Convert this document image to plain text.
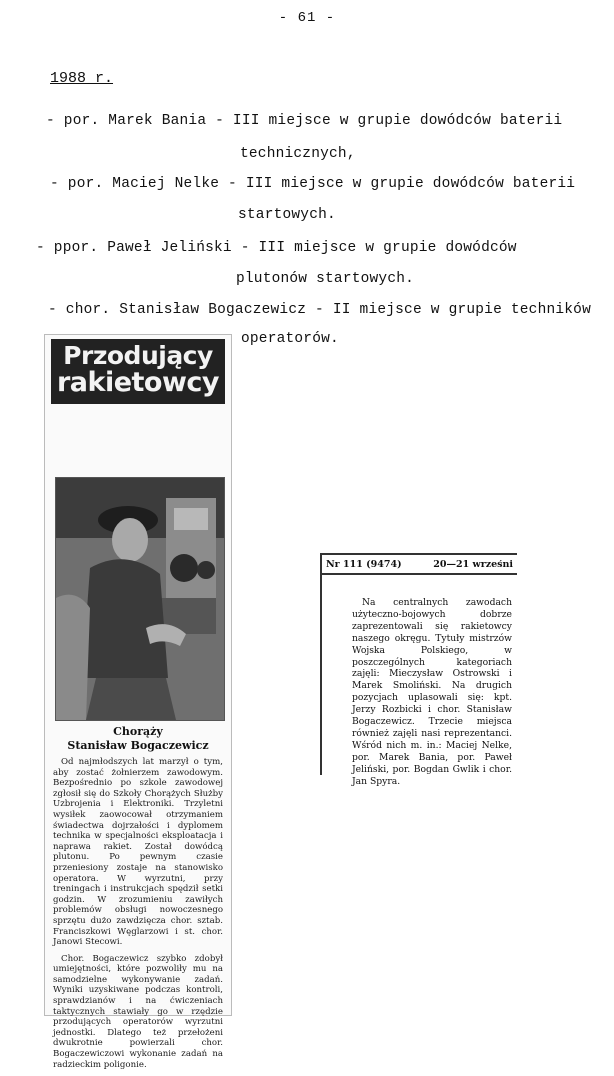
- 61 -
1988 r.
- por. Marek Bania - III miejsce w grupie dowódców baterii
technicznych,
- por. Maciej Nelke - III miejsce w grupie dowódców baterii
startowych.
- ppor. Paweł Jeliński - III miejsce w grupie dowódców
plutonów startowych.
- chor. Stanisław Bogaczewicz - II miejsce w grupie techników
operatorów.
Przodujący
rakietowcy
Chorąży
Stanisław Bogaczewicz

Od najmłodszych lat marzył o tym, aby zostać żołnierzem zawodowym. Bezpośrednio po szkole zawodowej zgłosił się do Szkoły Chorążych Służby Uzbrojenia i Elektroniki. Trzyletni wysiłek zaowocował otrzymaniem świadectwa dojrzałości i dyplomem technika w specjalności eksploatacja i naprawa rakiet. Został dowódcą plutonu. Po pewnym czasie przeniesiony zostaje na stanowisko operatora. W wyrzutni, przy treningach i instrukcjach spędził setki godzin. W zrozumieniu zawiłych problemów obsługi nowoczesnego sprzętu dużo zawdzięcza chor. sztab. Franciszkowi Węglarzowi i st. chor. Janowi Stecowi.

Chor. Bogaczewicz szybko zdobył umiejętności, które pozwoliły mu na samodzielne wykonywanie zadań. Wyniki uzyskiwane podczas kontroli, sprawdzianów i na ćwiczeniach taktycznych stawiały go w rzędzie przodujących operatorów wyrzutni jednostki. Dlatego też przełożeni dwukrotnie powierzali chor. Bogaczewiczowi wykonanie zadań na radzieckim poligonie.

Nr 111 (9474)	20—21 wrześni
Na centralnych zawodach użyteczno-bojowych dobrze zaprezentowali się rakietowcy naszego okręgu. Tytuły mistrzów Wojska Polskiego, w poszczególnych kategoriach zajęli: Mieczysław Ostrowski i Marek Smoliński. Na drugich pozycjach uplasowali się: kpt. Jerzy Rozbicki i chor. Stanisław Bogaczewicz. Trzecie miejsca również zajęli nasi reprezentanci. Wśród nich m. in.: Maciej Nelke, por. Marek Bania, por. Paweł Jeliński, por. Bogdan Gwlik i chor. Jan Spyra.
